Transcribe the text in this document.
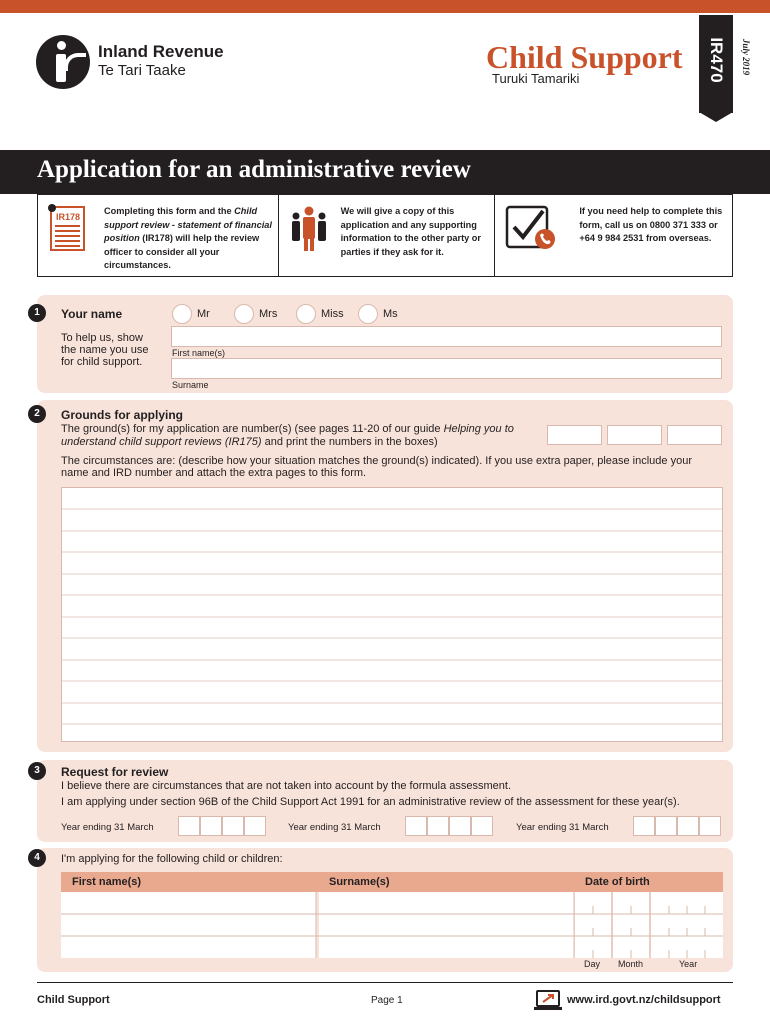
Inland Revenue
Te Tari Taake	Child Support
Turuki Tamariki	IR470 July 2019
Application for an administrative review
IR178
Completing this form and the Child support review - statement of financial position (IR178) will help the review officer to consider all your circumstances.
We will give a copy of this application and any supporting information to the other party or parties if they ask for it.
If you need help to complete this form, call us on 0800 371 333 or +64 9 984 2531 from overseas.
1	Your name	Mr	Mrs	Miss	Ms
To help us, show the name you use for child support.
First name(s)
Surname
2	Grounds for applying
The ground(s) for my application are number(s) (see pages 11-20 of our guide Helping you to understand child support reviews (IR175) and print the numbers in the boxes)
The circumstances are: (describe how your situation matches the ground(s) indicated). If you use extra paper, please include your name and IRD number and attach the extra pages to this form.
3	Request for review
I believe there are circumstances that are not taken into account by the formula assessment.
I am applying under section 96B of the Child Support Act 1991 for an administrative review of the assessment for these year(s).
Year ending 31 March	Year ending 31 March	Year ending 31 March
4	I'm applying for the following child or children:
First name(s)	Surname(s)	Date of birth
Day Month	Year
Child Support	Page 1	www.ird.govt.nz/childsupport
